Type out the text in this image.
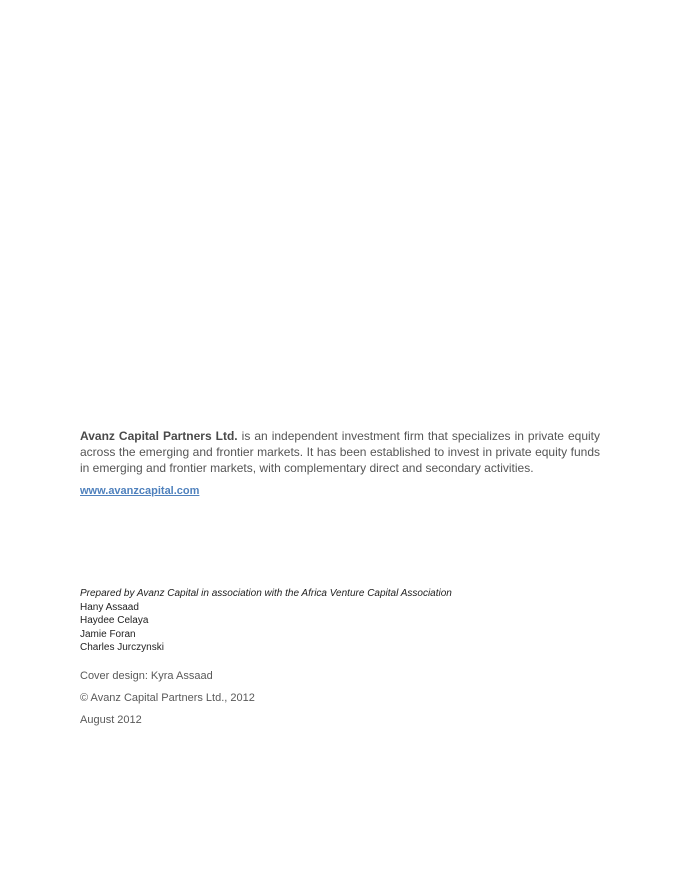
Avanz Capital Partners Ltd. is an independent investment firm that specializes in private equity across the emerging and frontier markets. It has been established to invest in private equity funds in emerging and frontier markets, with complementary direct and secondary activities.

www.avanzcapital.com
Prepared by Avanz Capital in association with the Africa Venture Capital Association
Hany Assaad
Haydee Celaya
Jamie Foran
Charles Jurczynski
Cover design: Kyra Assaad
© Avanz Capital Partners Ltd., 2012
August 2012
